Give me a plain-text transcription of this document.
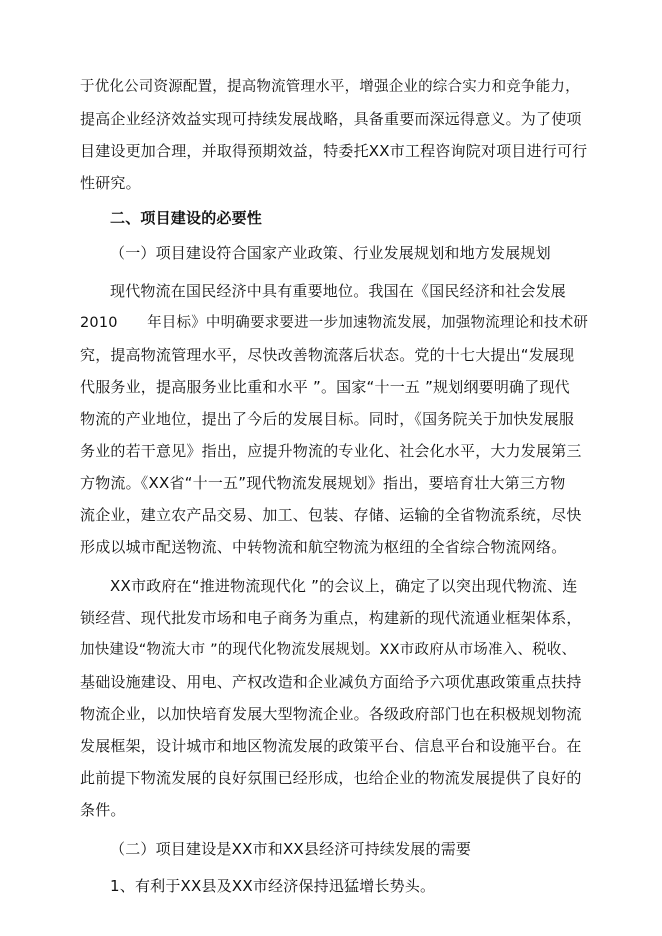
于优化公司资源配置，提高物流管理水平，增强企业的综合实力和竞争能力，
提高企业经济效益实现可持续发展战略，具备重要而深远得意义。为了使项
目建设更加合理，并取得预期效益，特委托XX市工程咨询院对项目进行可行
性研究。
二、项目建设的必要性
（一）项目建设符合国家产业政策、行业发展规划和地方发展规划
现代物流在国民经济中具有重要地位。我国在《国民经济和社会发展
2010　　年目标》中明确要求要进一步加速物流发展，加强物流理论和技术研
究，提高物流管理水平，尽快改善物流落后状态。党的十七大提出“发展现
代服务业，提高服务业比重和水平 ”。国家“十一五 ”规划纲要明确了现代
物流的产业地位，提出了今后的发展目标。同时，《国务院关于加快发展服
务业的若干意见》指出，应提升物流的专业化、社会化水平，大力发展第三
方物流。《XX省“十一五”现代物流发展规划》指出，要培育壮大第三方物
流企业，建立农产品交易、加工、包装、存储、运输的全省物流系统，尽快
形成以城市配送物流、中转物流和航空物流为枢纽的全省综合物流网络。
XX市政府在“推进物流现代化 ”的会议上，确定了以突出现代物流、连
锁经营、现代批发市场和电子商务为重点，构建新的现代流通业框架体系，
加快建设“物流大市 ”的现代化物流发展规划。XX市政府从市场准入、税收、
基础设施建设、用电、产权改造和企业减负方面给予六项优惠政策重点扶持
物流企业，以加快培育发展大型物流企业。各级政府部门也在积极规划物流
发展框架，设计城市和地区物流发展的政策平台、信息平台和设施平台。在
此前提下物流发展的良好氛围已经形成，也给企业的物流发展提供了良好的
条件。
（二）项目建设是XX市和XX县经济可持续发展的需要
1、有利于XX县及XX市经济保持迅猛增长势头。
